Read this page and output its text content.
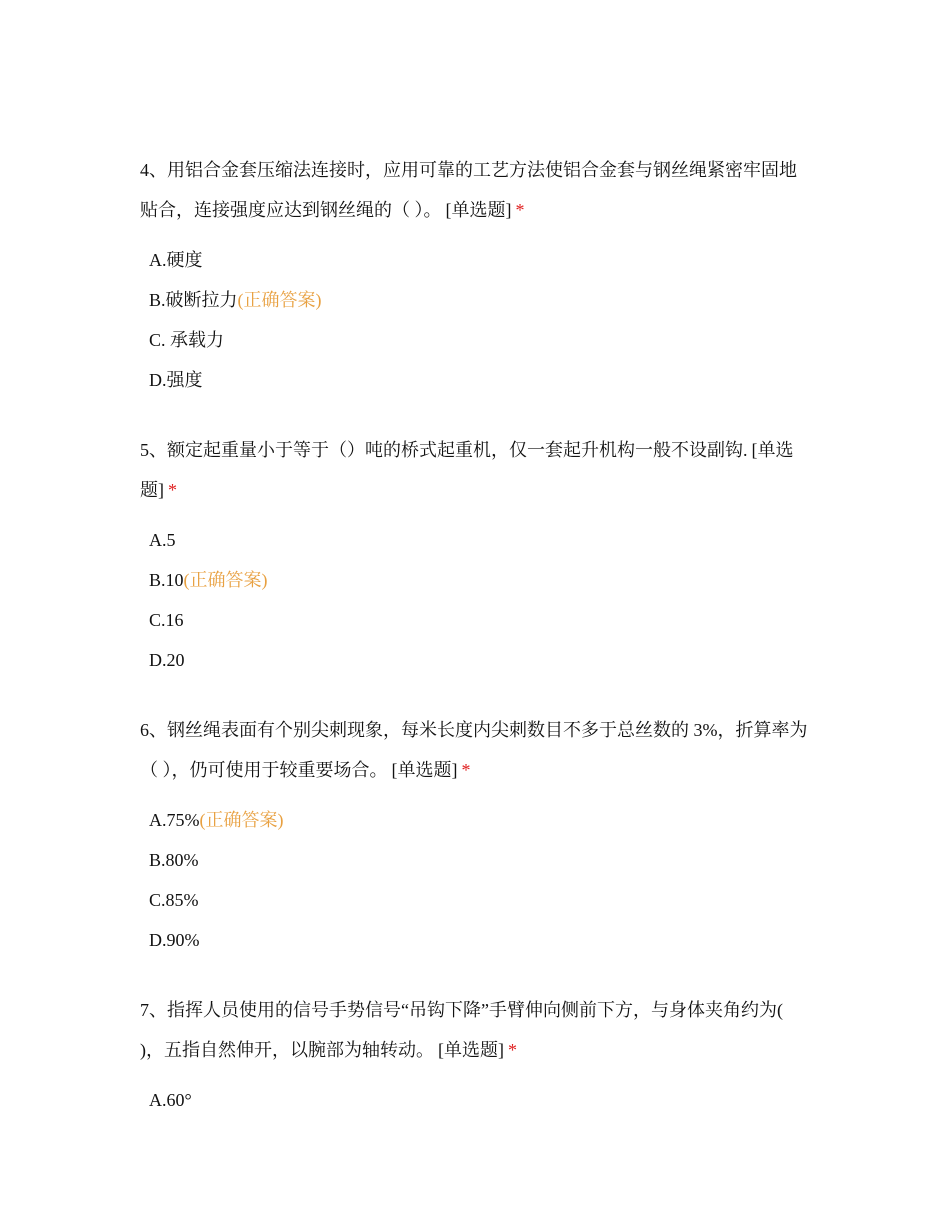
4、用铝合金套压缩法连接时，应用可靠的工艺方法使铝合金套与钢丝绳紧密牢固地贴合，连接强度应达到钢丝绳的（ ）。 [单选题] *

A.硬度
B.破断拉力(正确答案)
C. 承载力
D.强度

5、额定起重量小于等于（）吨的桥式起重机，仅一套起升机构一般不设副钩. [单选题] *

A.5
B.10(正确答案)
C.16
D.20

6、钢丝绳表面有个别尖刺现象，每米长度内尖刺数目不多于总丝数的 3%，折算率为（ ），仍可使用于较重要场合。 [单选题] *

A.75%(正确答案)
B.80%
C.85%
D.90%

7、指挥人员使用的信号手势信号“吊钩下降”手臂伸向侧前下方，与身体夹角约为( )，五指自然伸开，以腕部为轴转动。 [单选题] *

A.60°
